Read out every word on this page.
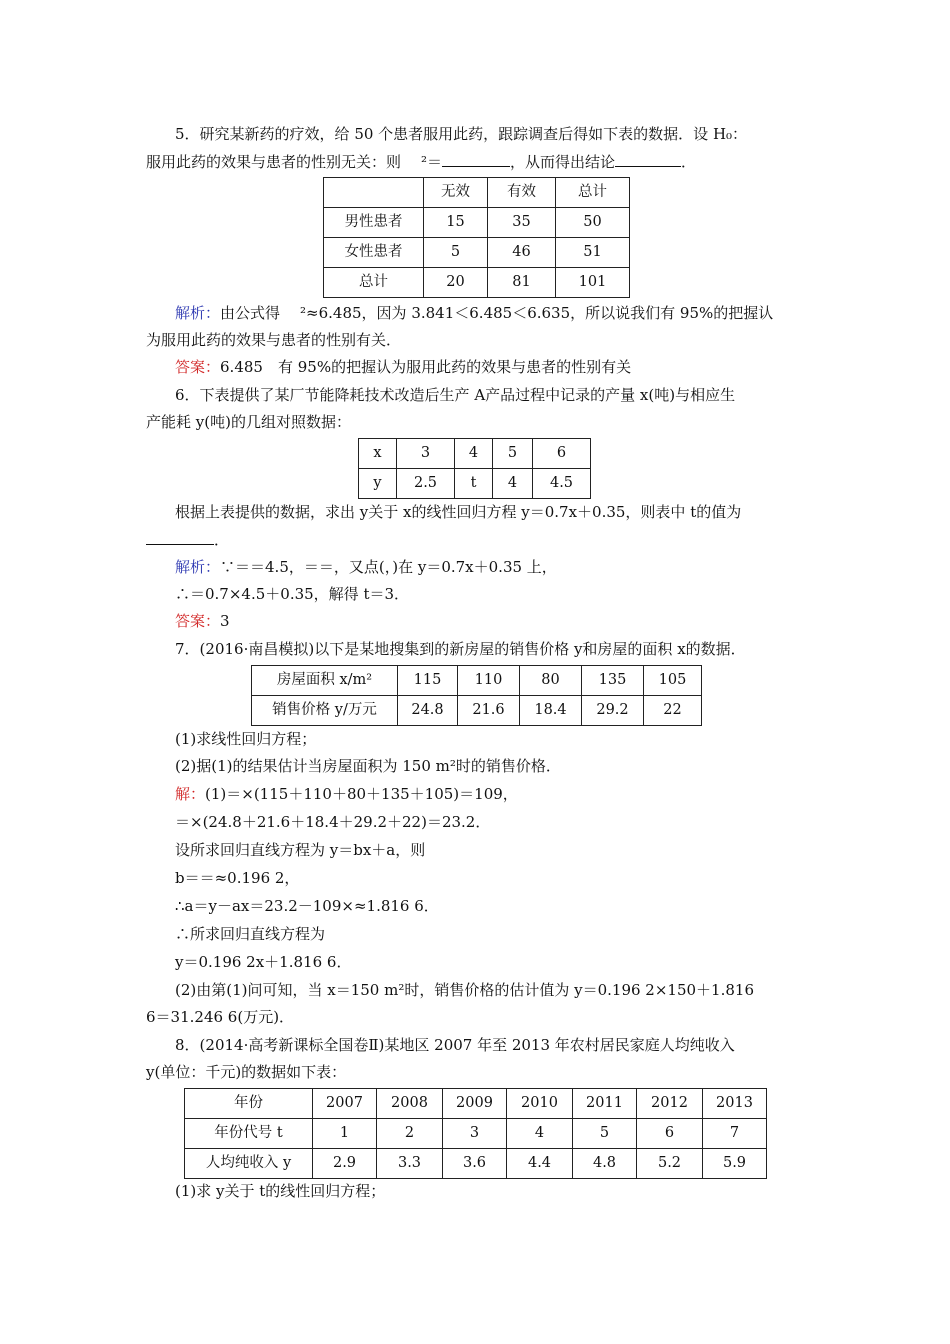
5．研究某新药的疗效，给 50 个患者服用此药，跟踪调查后得如下表的数据．设 H₀：
服用此药的效果与患者的性别无关：则 ²＝	，从而得出结论	．
	无效	有效	总计
男性患者	15	35	50
女性患者	5	46	51
总计	20	81	101
解析：由公式得 ²≈6.485，因为 3.841＜6.485＜6.635，所以说我们有 95%的把握认
为服用此药的效果与患者的性别有关．
答案：6.485　有 95%的把握认为服用此药的效果与患者的性别有关
6．下表提供了某厂节能降耗技术改造后生产 A产品过程中记录的产量 x(吨)与相应生
产能耗 y(吨)的几组对照数据：
x	3	4	5	6
y	2.5	t	4	4.5
根据上表提供的数据，求出 y关于 x的线性回归方程 y＝0.7x＋0.35，则表中 t的值为
．
解析：∵＝＝4.5，＝＝，又点(，)在 y＝0.7x＋0.35 上，
∴＝0.7×4.5＋0.35，解得 t＝3．
答案：3
7．(2016·南昌模拟)以下是某地搜集到的新房屋的销售价格 y和房屋的面积 x的数据．
房屋面积 x/m²	115	110	80	135	105
销售价格 y/万元	24.8	21.6	18.4	29.2	22
(1)求线性回归方程；
(2)据(1)的结果估计当房屋面积为 150 m²时的销售价格．
解：(1)＝×(115＋110＋80＋135＋105)＝109，
＝×(24.8＋21.6＋18.4＋29.2＋22)＝23.2．
设所求回归直线方程为 y＝bx＋a，则
b＝＝≈0.196 2，
∴a＝y－ax＝23.2－109×≈1.816 6．
∴所求回归直线方程为
y＝0.196 2x＋1.816 6．
(2)由第(1)问可知，当 x＝150 m²时，销售价格的估计值为 y＝0.196 2×150＋1.816
6＝31.246 6(万元)．
8．(2014·高考新课标全国卷Ⅱ)某地区 2007 年至 2013 年农村居民家庭人均纯收入
y(单位：千元)的数据如下表：
年份	2007	2008	2009	2010	2011	2012	2013
年份代号 t	1	2	3	4	5	6	7
人均纯收入 y	2.9	3.3	3.6	4.4	4.8	5.2	5.9
(1)求 y关于 t的线性回归方程；
